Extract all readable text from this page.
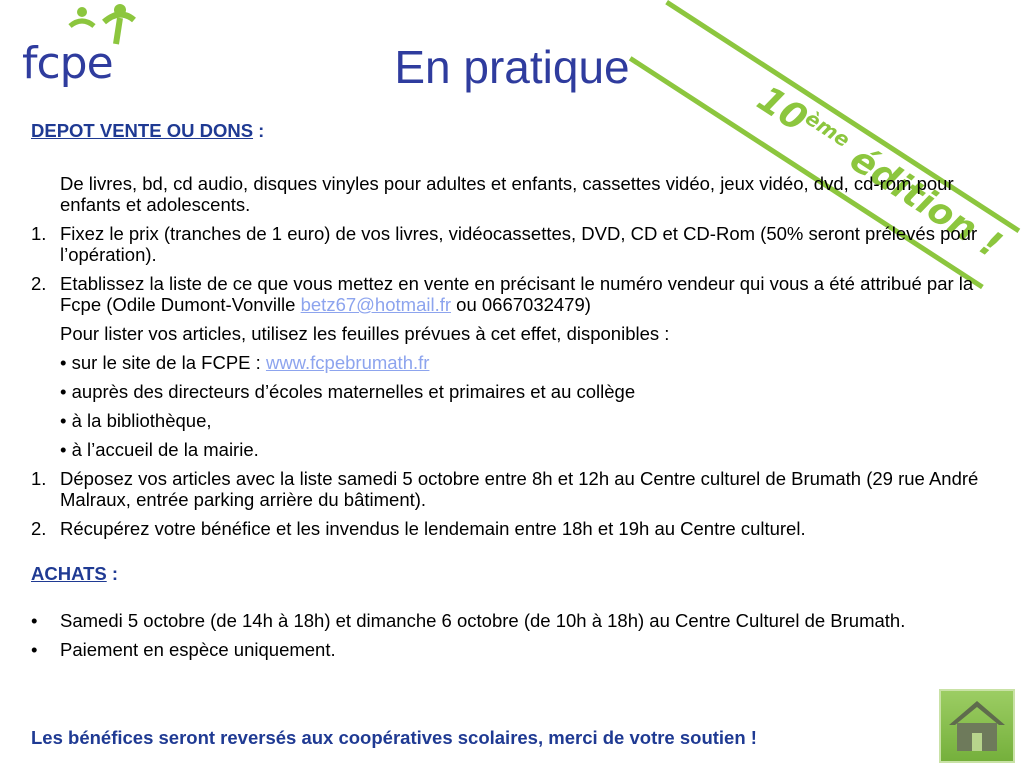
fcpe	En pratique
10ème édition !

DEPOT VENTE OU DONS :

De livres, bd, cd audio, disques vinyles pour adultes et enfants, cassettes vidéo, jeux vidéo, dvd, cd-rom pour enfants et adolescents.

1. Fixez le prix (tranches de 1 euro) de vos livres, vidéocassettes, DVD, CD et CD-Rom (50% seront prélevés pour l’opération).
2. Etablissez la liste de ce que vous mettez en vente en précisant le numéro vendeur qui vous a été attribué par la Fcpe (Odile Dumont-Vonville betz67@hotmail.fr ou 0667032479)

Pour lister vos articles, utilisez les feuilles prévues à cet effet, disponibles :

• sur le site de la FCPE : www.fcpebrumath.fr

• auprès des directeurs d’écoles maternelles et primaires et au collège

• à la bibliothèque,

• à l’accueil de la mairie.

1. Déposez vos articles avec la liste samedi 5 octobre entre 8h et 12h au Centre culturel de Brumath (29 rue André Malraux, entrée parking arrière du bâtiment).
2. Récupérez votre bénéfice et les invendus le lendemain entre 18h et 19h au Centre culturel.

ACHATS :

•	Samedi 5 octobre (de 14h à 18h) et dimanche 6 octobre (de 10h à 18h) au Centre Culturel de Brumath.
•	Paiement en espèce uniquement.
Les bénéfices seront reversés aux coopératives scolaires, merci de votre soutien !
